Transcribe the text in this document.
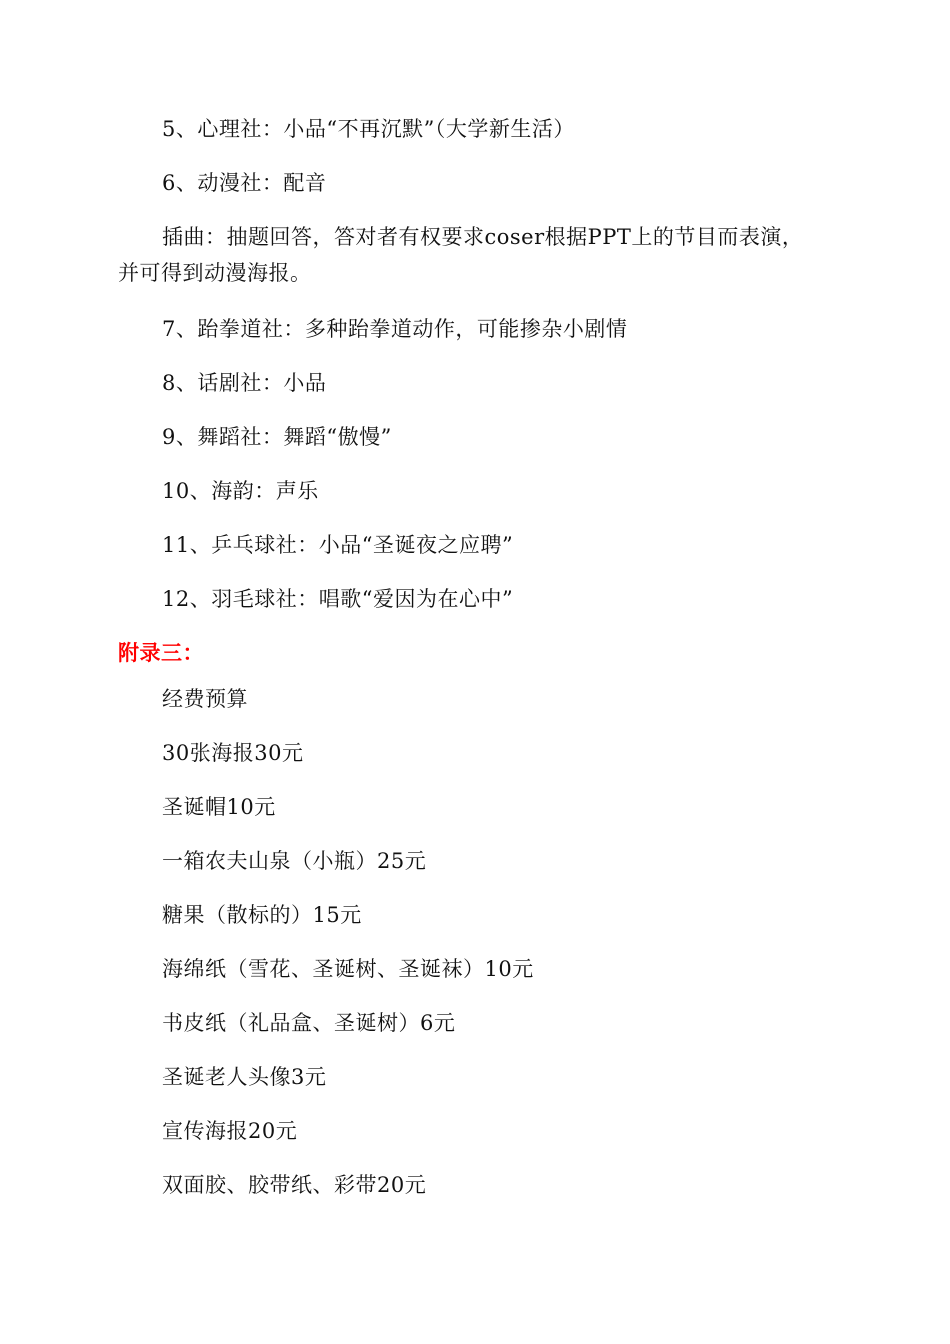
5、心理社：小品“不再沉默”（大学新生活）
6、动漫社：配音
插曲：抽题回答，答对者有权要求coser根据PPT上的节目而表演，
并可得到动漫海报。
7、跆拳道社：多种跆拳道动作，可能掺杂小剧情
8、话剧社：小品
9、舞蹈社：舞蹈“傲慢”
10、海韵：声乐
11、乒乓球社：小品“圣诞夜之应聘”
12、羽毛球社：唱歌“爱因为在心中”
附录三：
经费预算
30张海报30元
圣诞帽10元
一箱农夫山泉（小瓶）25元
糖果（散标的）15元
海绵纸（雪花、圣诞树、圣诞袜）10元
书皮纸（礼品盒、圣诞树）6元
圣诞老人头像3元
宣传海报20元
双面胶、胶带纸、彩带20元
